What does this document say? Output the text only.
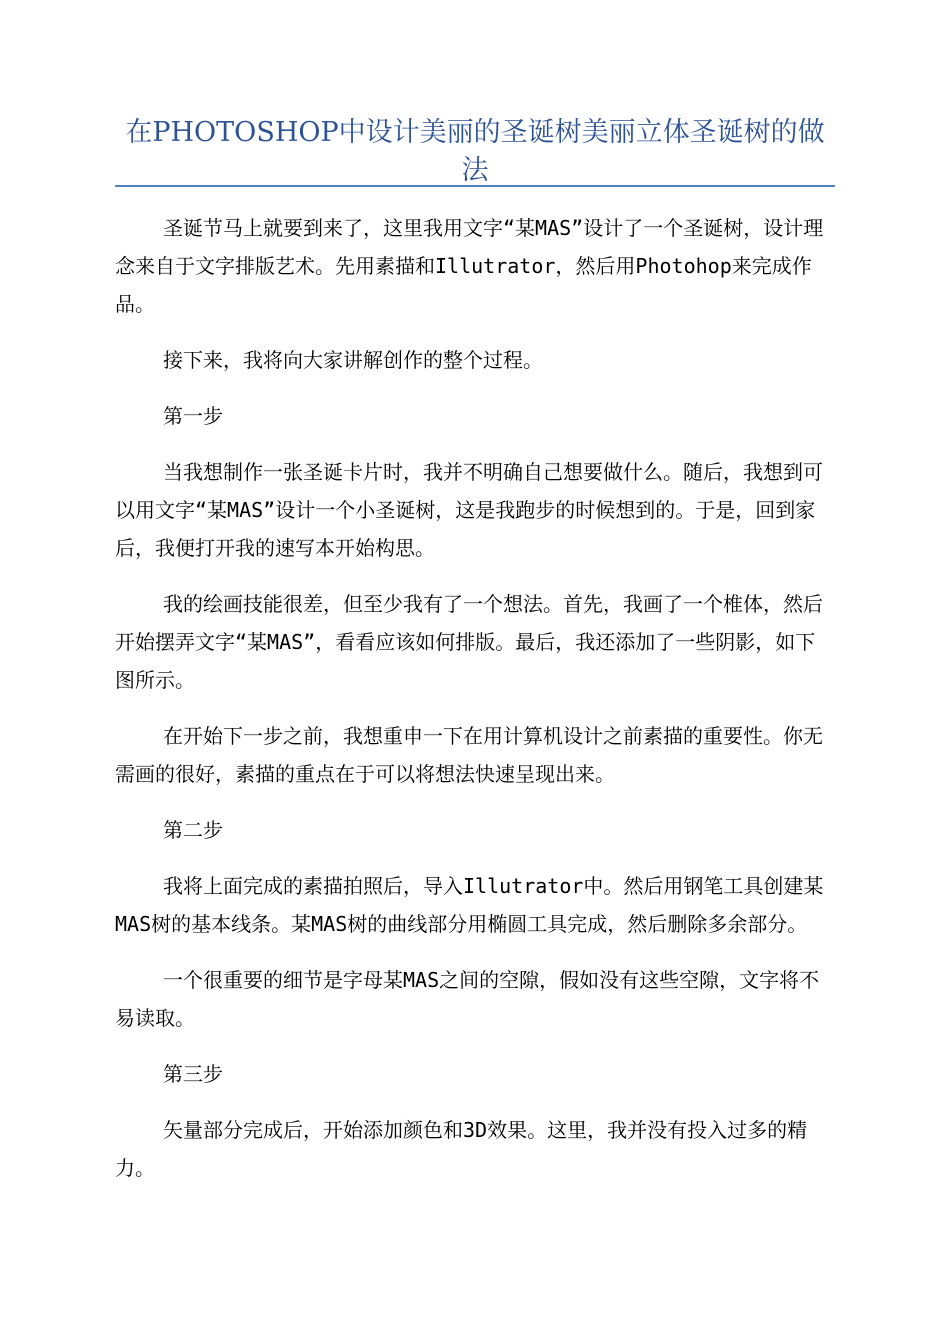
在PHOTOSHOP中设计美丽的圣诞树美丽立体圣诞树的做法

圣诞节马上就要到来了，这里我用文字“某MAS”设计了一个圣诞树，设计理念来自于文字排版艺术。先用素描和Illutrator，然后用Photohop来完成作品。

接下来，我将向大家讲解创作的整个过程。

第一步

当我想制作一张圣诞卡片时，我并不明确自己想要做什么。随后，我想到可以用文字“某MAS”设计一个小圣诞树，这是我跑步的时候想到的。于是，回到家后，我便打开我的速写本开始构思。

我的绘画技能很差，但至少我有了一个想法。首先，我画了一个椎体，然后开始摆弄文字“某MAS”，看看应该如何排版。最后，我还添加了一些阴影，如下图所示。

在开始下一步之前，我想重申一下在用计算机设计之前素描的重要性。你无需画的很好，素描的重点在于可以将想法快速呈现出来。

第二步

我将上面完成的素描拍照后，导入Illutrator中。然后用钢笔工具创建某MAS树的基本线条。某MAS树的曲线部分用椭圆工具完成，然后删除多余部分。

一个很重要的细节是字母某MAS之间的空隙，假如没有这些空隙，文字将不易读取。

第三步

矢量部分完成后，开始添加颜色和3D效果。这里，我并没有投入过多的精力。
